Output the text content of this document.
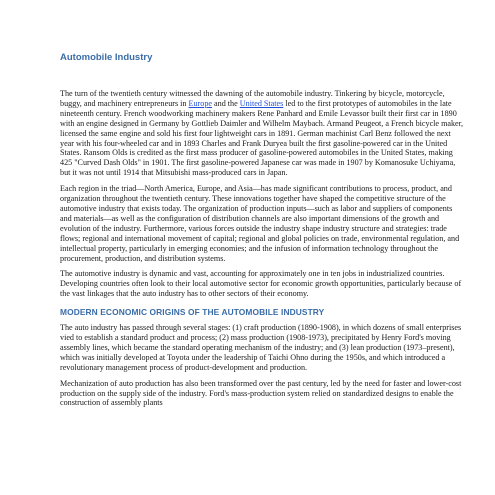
Automobile Industry

The turn of the twentieth century witnessed the dawning of the automobile industry. Tinkering by bicycle, motorcycle, buggy, and machinery entrepreneurs in Europe and the United States led to the first prototypes of automobiles in the late nineteenth century. French woodworking machinery makers Rene Panhard and Emile Levassor built their first car in 1890 with an engine designed in Germany by Gottlieb Daimler and Wilhelm Maybach. Armand Peugeot, a French bicycle maker, licensed the same engine and sold his first four lightweight cars in 1891. German machinist Carl Benz followed the next year with his four-wheeled car and in 1893 Charles and Frank Duryea built the first gasoline-powered car in the United States. Ransom Olds is credited as the first mass producer of gasoline-powered automobiles in the United States, making 425 "Curved Dash Olds" in 1901. The first gasoline-powered Japanese car was made in 1907 by Komanosuke Uchiyama, but it was not until 1914 that Mitsubishi mass-produced cars in Japan.

Each region in the triad—North America, Europe, and Asia—has made significant contributions to process, product, and organization throughout the twentieth century. These innovations together have shaped the competitive structure of the automotive industry that exists today. The organization of production inputs—such as labor and suppliers of components and materials—as well as the configuration of distribution channels are also important dimensions of the growth and evolution of the industry. Furthermore, various forces outside the industry shape industry structure and strategies: trade flows; regional and international movement of capital; regional and global policies on trade, environmental regulation, and intellectual property, particularly in emerging economies; and the infusion of information technology throughout the procurement, production, and distribution systems.

The automotive industry is dynamic and vast, accounting for approximately one in ten jobs in industrialized countries. Developing countries often look to their local automotive sector for economic growth opportunities, particularly because of the vast linkages that the auto industry has to other sectors of their economy.

MODERN ECONOMIC ORIGINS OF THE AUTOMOBILE INDUSTRY

The auto industry has passed through several stages: (1) craft production (1890-1908), in which dozens of small enterprises vied to establish a standard product and process; (2) mass production (1908-1973), precipitated by Henry Ford's moving assembly lines, which became the standard operating mechanism of the industry; and (3) lean production (1973–present), which was initially developed at Toyota under the leadership of Taichi Ohno during the 1950s, and which introduced a revolutionary management process of product-development and production.

Mechanization of auto production has also been transformed over the past century, led by the need for faster and lower-cost production on the supply side of the industry. Ford's mass-production system relied on standardized designs to enable the construction of assembly plants
